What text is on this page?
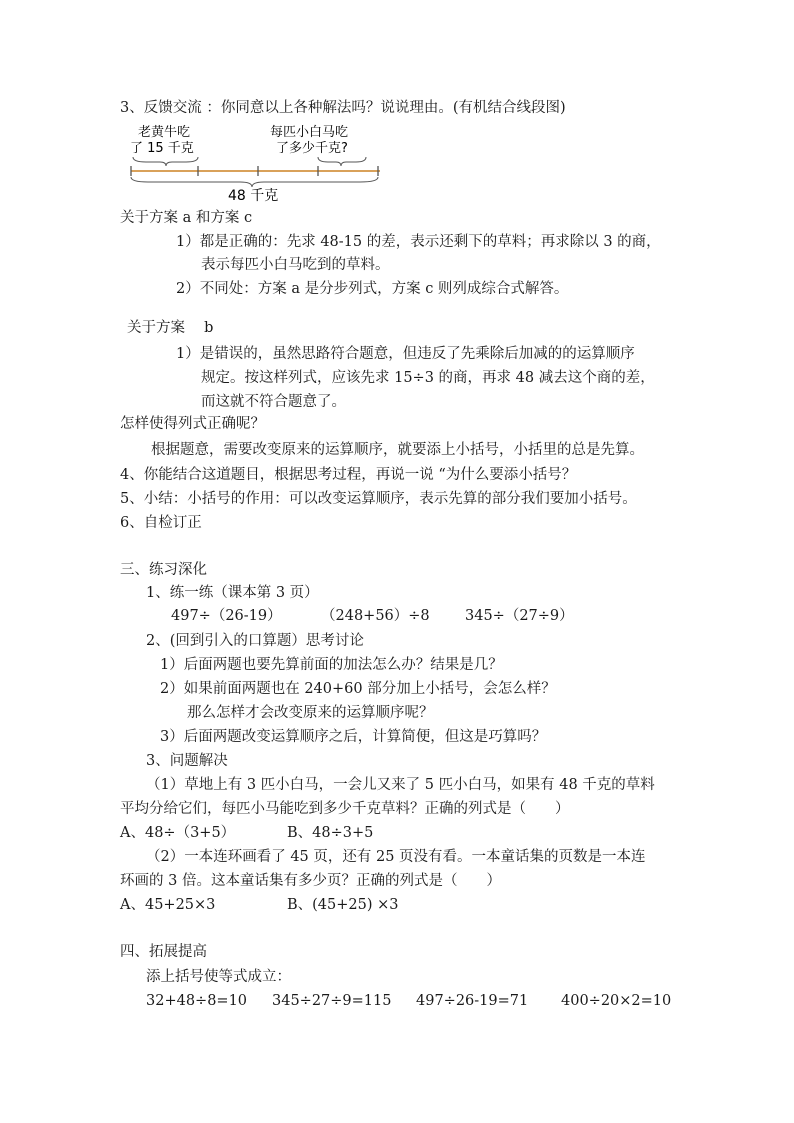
3、反馈交流 ：你同意以上各种解法吗？说说理由。(有机结合线段图)
老黄牛吃
了 15 千克
每匹小白马吃
了多少千克?
48 千克
关于方案 a 和方案 c
1）都是正确的：先求 48-15 的差，表示还剩下的草料；再求除以 3 的商，
表示每匹小白马吃到的草料。
2）不同处：方案 a 是分步列式，方案 c 则列成综合式解答。
关于方案　 b
1）是错误的，虽然思路符合题意，但违反了先乘除后加减的的运算顺序
规定。按这样列式，应该先求 15÷3 的商，再求 48 减去这个商的差，
而这就不符合题意了。
怎样使得列式正确呢？
根据题意，需要改变原来的运算顺序，就要添上小括号，小括里的总是先算。
4、你能结合这道题目，根据思考过程，再说一说 “为什么要添小括号？
5、小结：小括号的作用：可以改变运算顺序，表示先算的部分我们要加小括号。
6、自检订正
三、练习深化
1、练一练（课本第 3 页）
497÷（26-19）	（248+56）÷8 345÷（27÷9）
2、(回到引入的口算题）思考讨论
1）后面两题也要先算前面的加法怎么办？结果是几？
2）如果前面两题也在 240+60 部分加上小括号，会怎么样？
那么怎样才会改变原来的运算顺序呢？
3）后面两题改变运算顺序之后，计算简便，但这是巧算吗？
3、问题解决
（1）草地上有 3 匹小白马，一会儿又来了 5 匹小白马，如果有 48 千克的草料
平均分给它们，每匹小马能吃到多少千克草料？正确的列式是（　　）
A、48÷（3+5）	B、48÷3+5
（2）一本连环画看了 45 页，还有 25 页没有看。一本童话集的页数是一本连
环画的 3 倍。这本童话集有多少页？正确的列式是（　　）
A、45+25×3	B、(45+25) ×3
四、拓展提高
添上括号使等式成立：
32+48÷8=10 345÷27÷9=115 497÷26-19=71 400÷20×2=10
